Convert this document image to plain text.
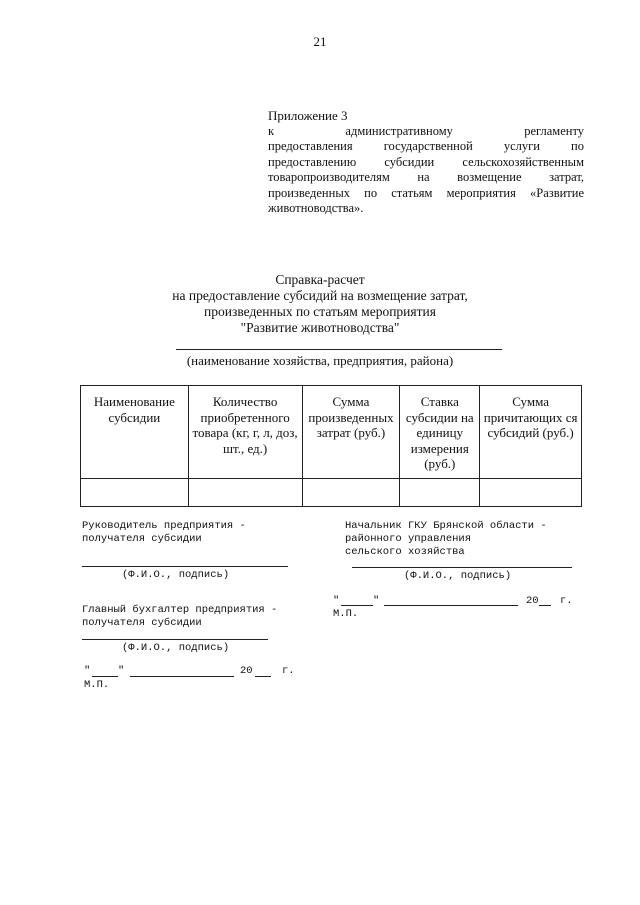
21
Приложение 3
к административному регламенту
предоставления государственной услуги по
предоставлению субсидии сельскохозяйственным
товаропроизводителям на возмещение затрат,
произведенных по статьям мероприятия «Развитие
животноводства».
Справка-расчет
на предоставление субсидий на возмещение затрат,
произведенных по статьям мероприятия
"Развитие животноводства"
(наименование хозяйства, предприятия, района)
Наименование субсидии	Количество приобретенного товара (кг, г, л, доз, шт., ед.)	Сумма произведенных затрат (руб.)	Ставка субсидии на единицу измерения (руб.)	Сумма причитающих ся субсидий (руб.)

Руководитель предприятия -
получателя субсидии
(Ф.И.О., подпись)
Начальник ГКУ Брянской области -
районного управления
сельского хозяйства
(Ф.И.О., подпись)
"	"	20 г.
М.П.
Главный бухгалтер предприятия -
получателя субсидии
(Ф.И.О., подпись)
"	"	20	г.
М.П.
